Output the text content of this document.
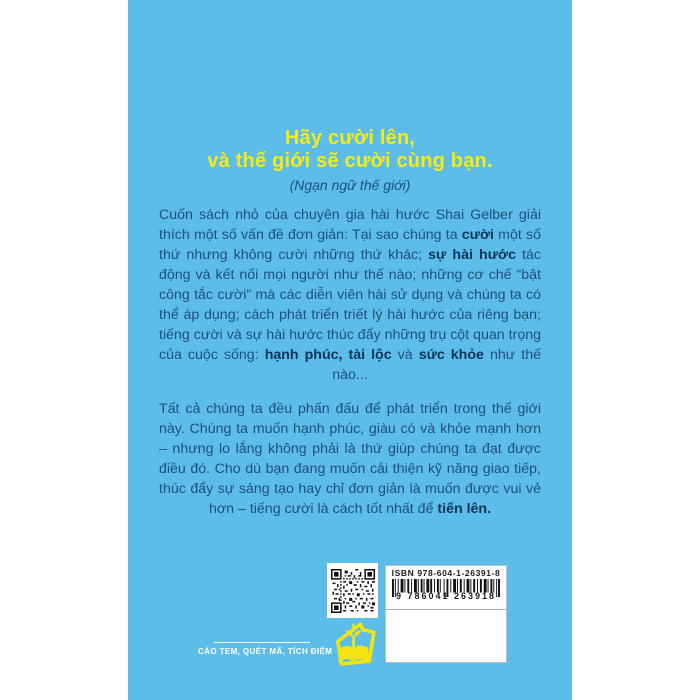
Hãy cười lên,
và thế giới sẽ cười cùng bạn.
(Ngạn ngữ thế giới)

Cuốn sách nhỏ của chuyên gia hài hước Shai Gelber giải thích một số vấn đề đơn giản: Tại sao chúng ta cười một số thứ nhưng không cười những thứ khác; sự hài hước tác động và kết nối mọi người như thế nào; những cơ chế “bật công tắc cười” mà các diễn viên hài sử dụng và chúng ta có thể áp dụng; cách phát triển triết lý hài hước của riêng bạn; tiếng cười và sự hài hước thúc đẩy những trụ cột quan trọng của cuộc sống: hạnh phúc, tài lộc và sức khỏe như thế nào...

Tất cả chúng ta đều phấn đấu để phát triển trong thế giới này. Chúng ta muốn hạnh phúc, giàu có và khỏe mạnh hơn – nhưng lo lắng không phải là thứ giúp chúng ta đạt được điều đó. Cho dù bạn đang muốn cải thiện kỹ năng giao tiếp, thúc đẩy sự sáng tạo hay chỉ đơn giản là muốn được vui vẻ hơn – tiếng cười là cách tốt nhất để tiến lên.

ISBN 978-604-1-26391-8
9 786041 263918
CÀO TEM, QUÉT MÃ, TÍCH ĐIỂM
